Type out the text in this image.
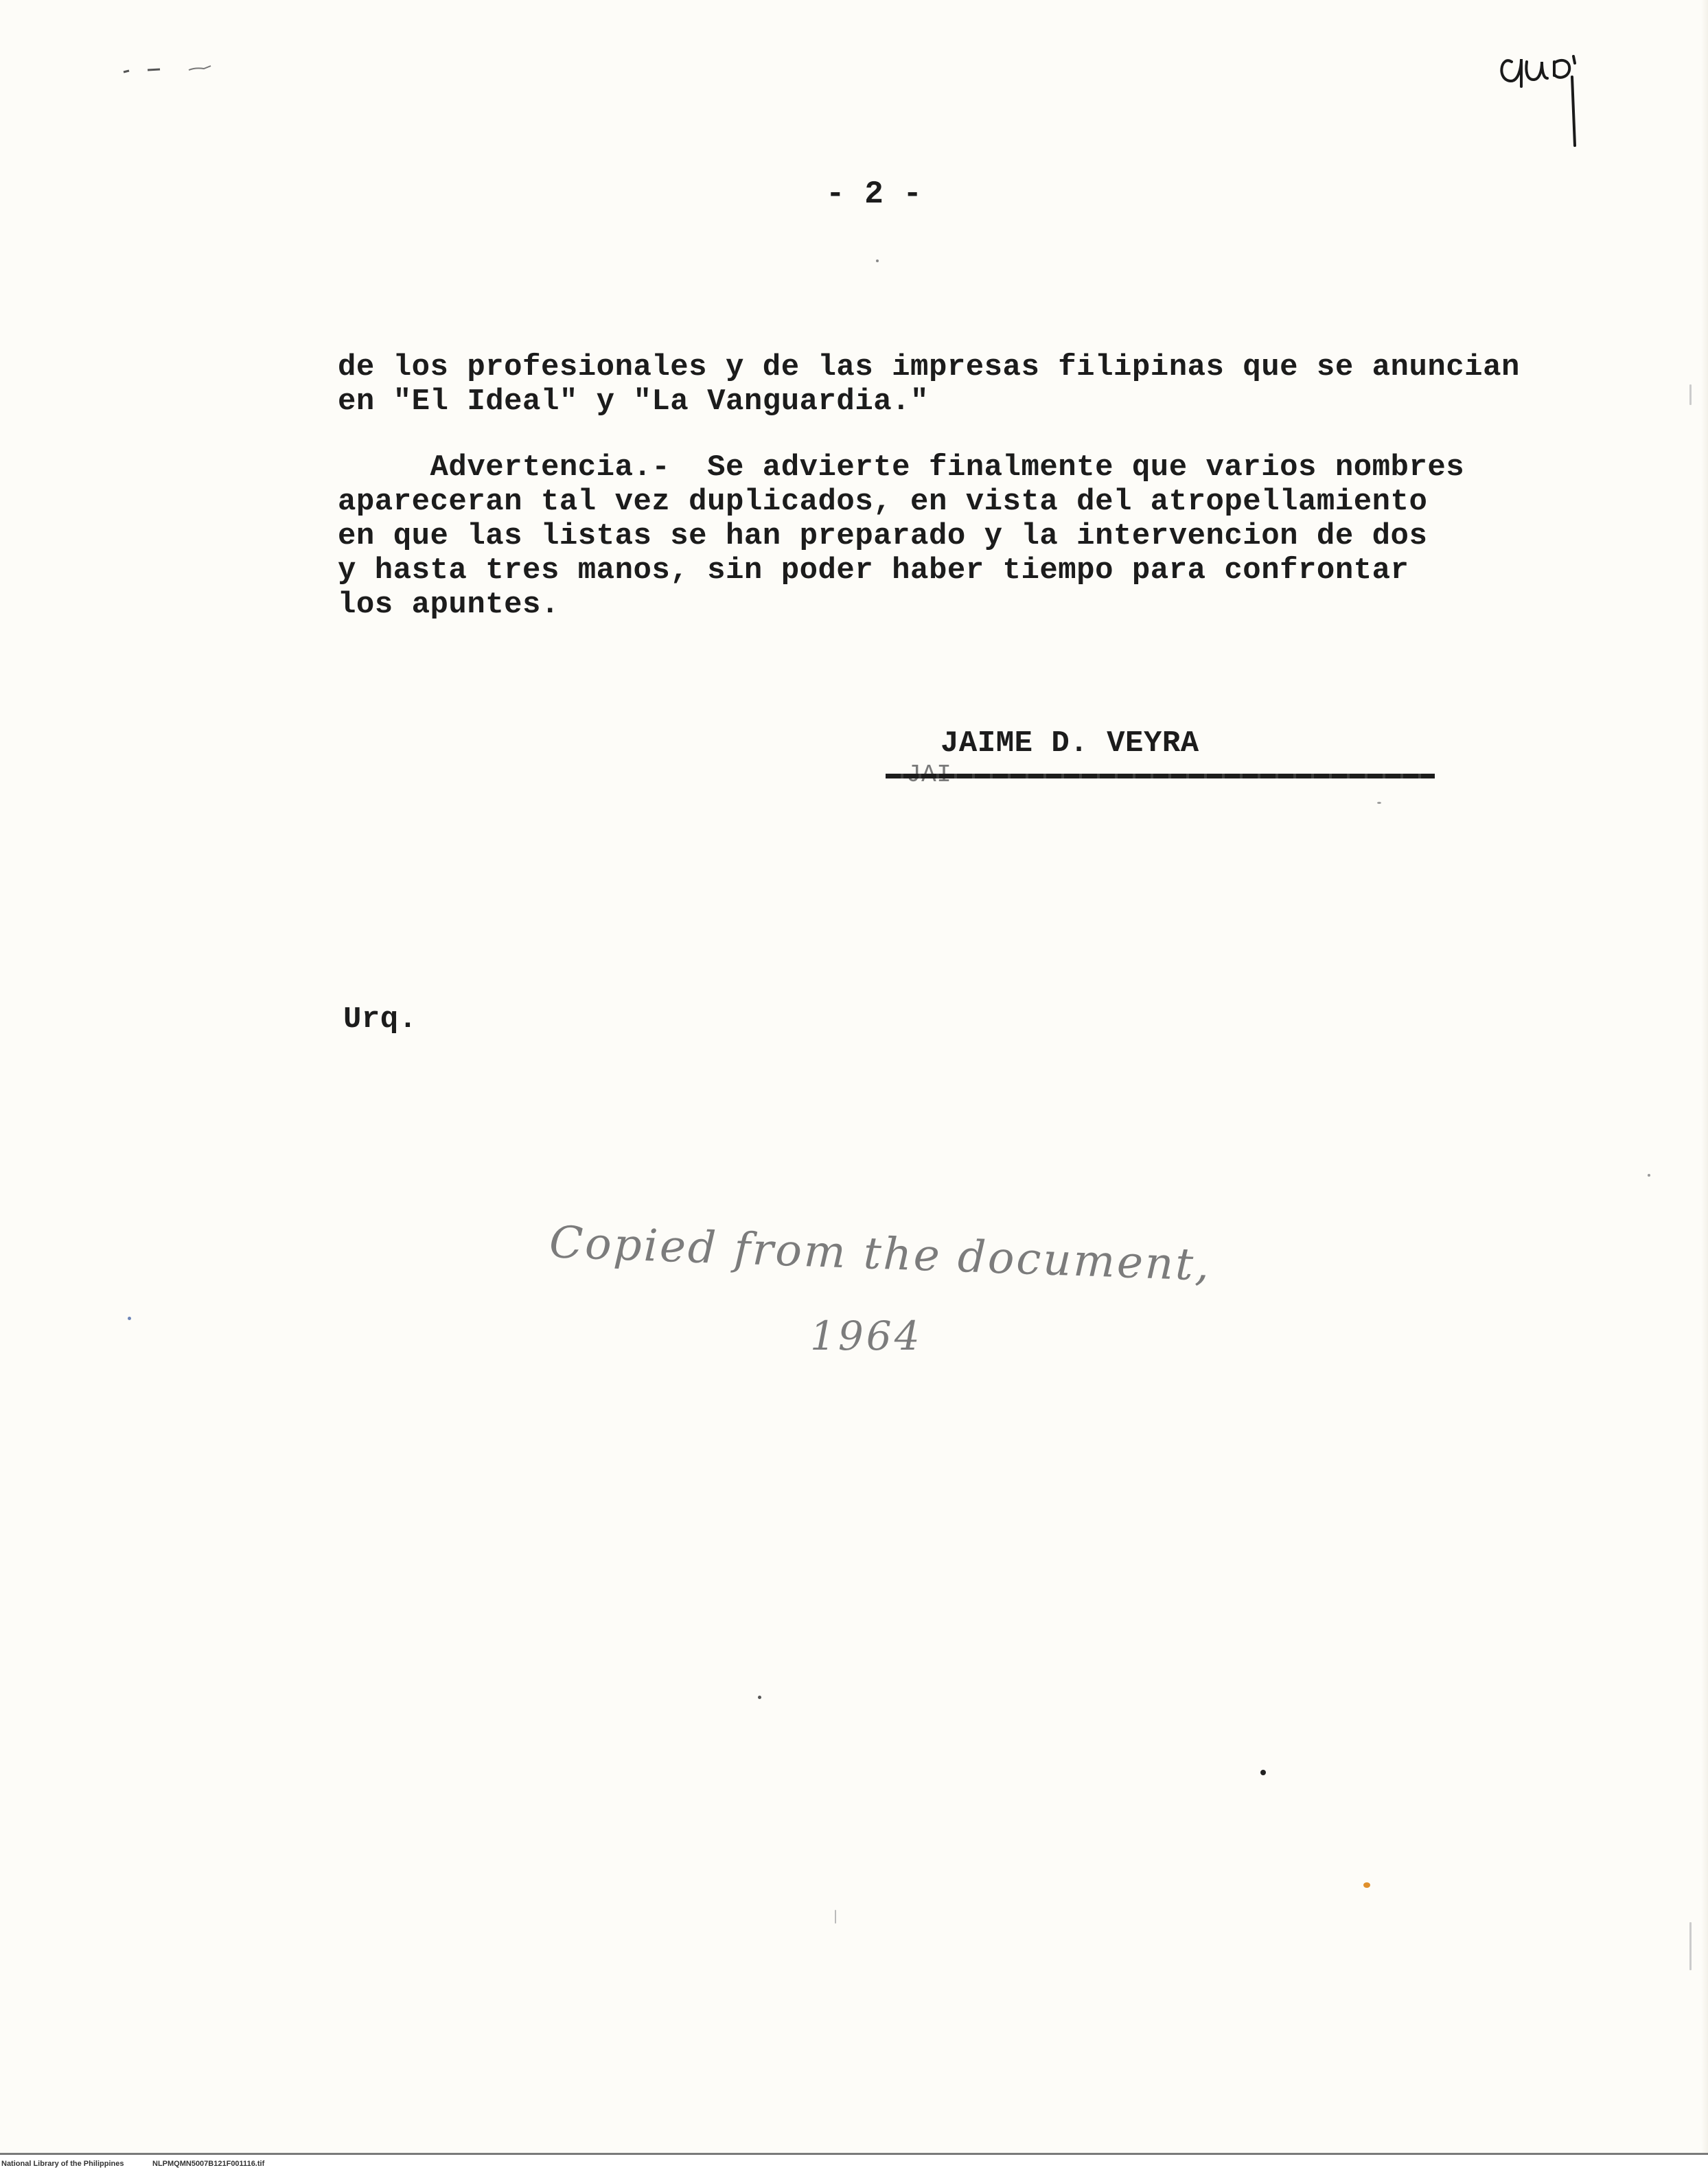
- 2 -
de los profesionales y de las impresas filipinas que se anuncian
en "El Ideal" y "La Vanguardia."
Advertencia.-  Se advierte finalmente que varios nombres
apareceran tal vez duplicados, en vista del atropellamiento
en que las listas se han preparado y la intervencion de dos
y hasta tres manos, sin poder haber tiempo para confrontar
los apuntes.
JAIME D. VEYRA
Urq.
Copied from the document,
1964
National Library of the Philippines	NLPMQMN5007B121F001116.tif
